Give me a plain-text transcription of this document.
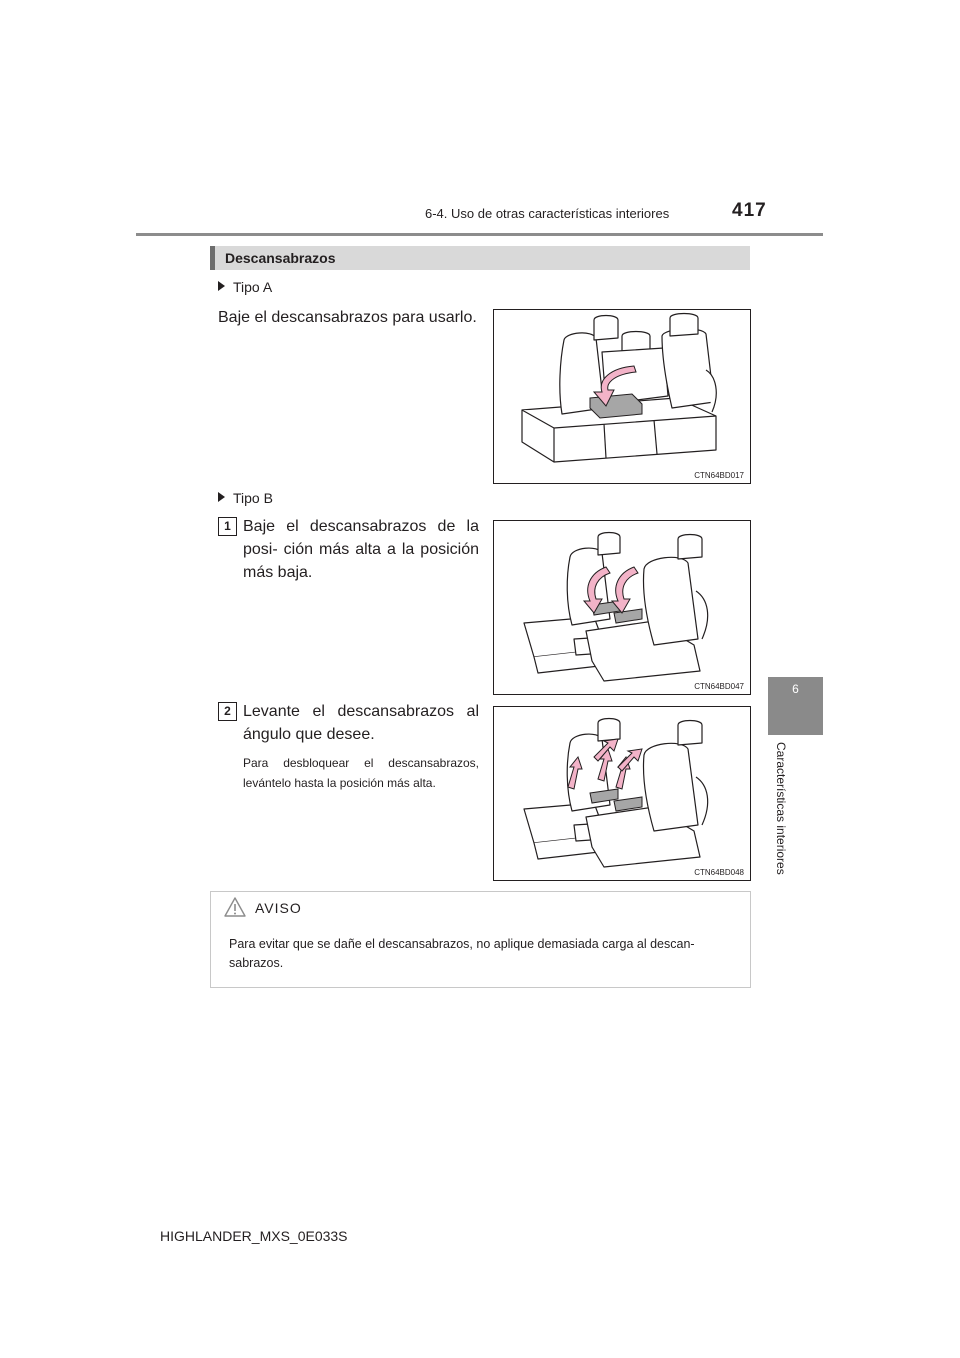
6-4. Uso de otras características interiores	417
6
Características interiores
Descansabrazos
Tipo A
Baje el descansabrazos para usarlo.
CTN64BD017
Tipo B
1 Baje el descansabrazos de la posi- ción más alta a la posición más baja.
CTN64BD047
2 Levante el descansabrazos al ángulo que desee.
Para desbloquear el descansabrazos, levántelo hasta la posición más alta.
CTN64BD048
AVISO
Para evitar que se dañe el descansabrazos, no aplique demasiada carga al descan- sabrazos.
HIGHLANDER_MXS_0E033S
